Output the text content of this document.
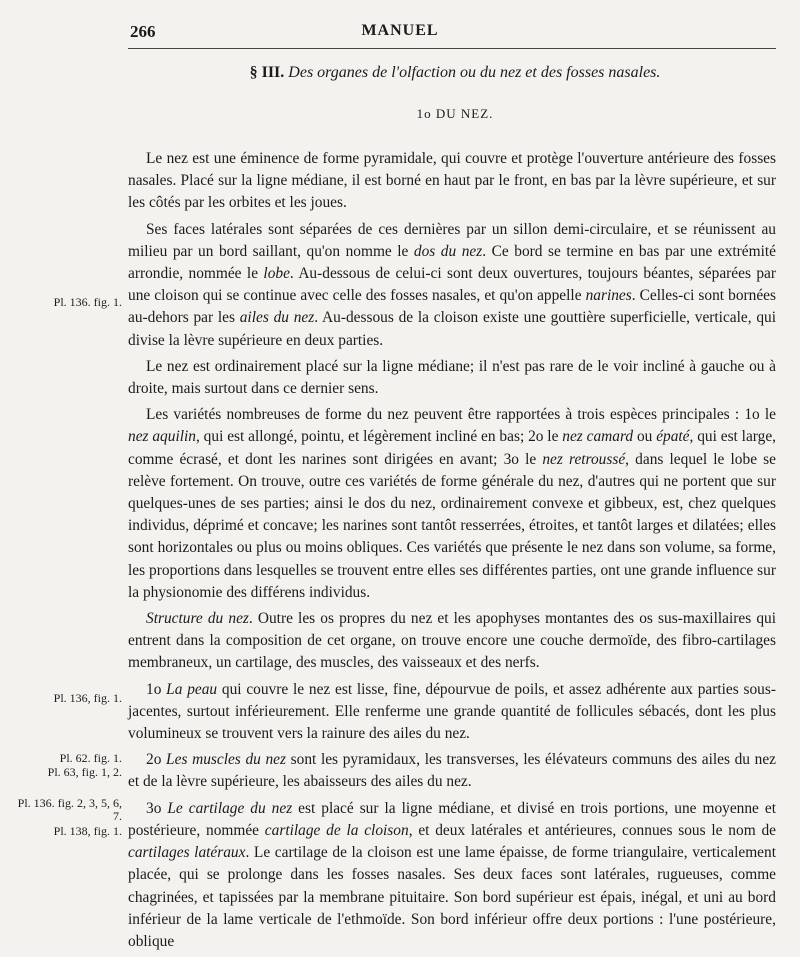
266	MANUEL
§ III. Des organes de l'olfaction ou du nez et des fosses nasales.
1o DU NEZ.
Pl. 136. fig. 1.
Pl. 136, fig. 1.
Pl. 62. fig. 1.
Pl. 63, fig. 1, 2.
Pl. 136. fig. 2, 3, 5, 6, 7.
Pl. 138, fig. 1.

Le nez est une éminence de forme pyramidale, qui couvre et protège l'ouverture antérieure des fosses nasales. Placé sur la ligne médiane, il est borné en haut par le front, en bas par la lèvre supérieure, et sur les côtés par les orbites et les joues.

Ses faces latérales sont séparées de ces dernières par un sillon demi-circulaire, et se réunissent au milieu par un bord saillant, qu'on nomme le dos du nez. Ce bord se termine en bas par une extrémité arrondie, nommée le lobe. Au-dessous de celui-ci sont deux ouvertures, toujours béantes, séparées par une cloison qui se continue avec celle des fosses nasales, et qu'on appelle narines. Celles-ci sont bornées au-dehors par les ailes du nez. Au-dessous de la cloison existe une gouttière superficielle, verticale, qui divise la lèvre supérieure en deux parties.

Le nez est ordinairement placé sur la ligne médiane; il n'est pas rare de le voir incliné à gauche ou à droite, mais surtout dans ce dernier sens.

Les variétés nombreuses de forme du nez peuvent être rapportées à trois espèces principales : 1o le nez aquilin, qui est allongé, pointu, et légèrement incliné en bas; 2o le nez camard ou épaté, qui est large, comme écrasé, et dont les narines sont dirigées en avant; 3o le nez retroussé, dans lequel le lobe se relève fortement. On trouve, outre ces variétés de forme générale du nez, d'autres qui ne portent que sur quelques-unes de ses parties; ainsi le dos du nez, ordinairement convexe et gibbeux, est, chez quelques individus, déprimé et concave; les narines sont tantôt resserrées, étroites, et tantôt larges et dilatées; elles sont horizontales ou plus ou moins obliques. Ces variétés que présente le nez dans son volume, sa forme, les proportions dans lesquelles se trouvent entre elles ses différentes parties, ont une grande influence sur la physionomie des différens individus.

Structure du nez. Outre les os propres du nez et les apophyses montantes des os sus-maxillaires qui entrent dans la composition de cet organe, on trouve encore une couche dermoïde, des fibro-cartilages membraneux, un cartilage, des muscles, des vaisseaux et des nerfs.

1o La peau qui couvre le nez est lisse, fine, dépourvue de poils, et assez adhérente aux parties sous-jacentes, surtout inférieurement. Elle renferme une grande quantité de follicules sébacés, dont les plus volumineux se trouvent vers la rainure des ailes du nez.

2o Les muscles du nez sont les pyramidaux, les transverses, les élévateurs communs des ailes du nez et de la lèvre supérieure, les abaisseurs des ailes du nez.

3o Le cartilage du nez est placé sur la ligne médiane, et divisé en trois portions, une moyenne et postérieure, nommée cartilage de la cloison, et deux latérales et antérieures, connues sous le nom de cartilages latéraux. Le cartilage de la cloison est une lame épaisse, de forme triangulaire, verticalement placée, qui se prolonge dans les fosses nasales. Ses deux faces sont latérales, rugueuses, comme chagrinées, et tapissées par la membrane pituitaire. Son bord supérieur est épais, inégal, et uni au bord inférieur de la lame verticale de l'ethmoïde. Son bord inférieur offre deux portions : l'une postérieure, oblique
